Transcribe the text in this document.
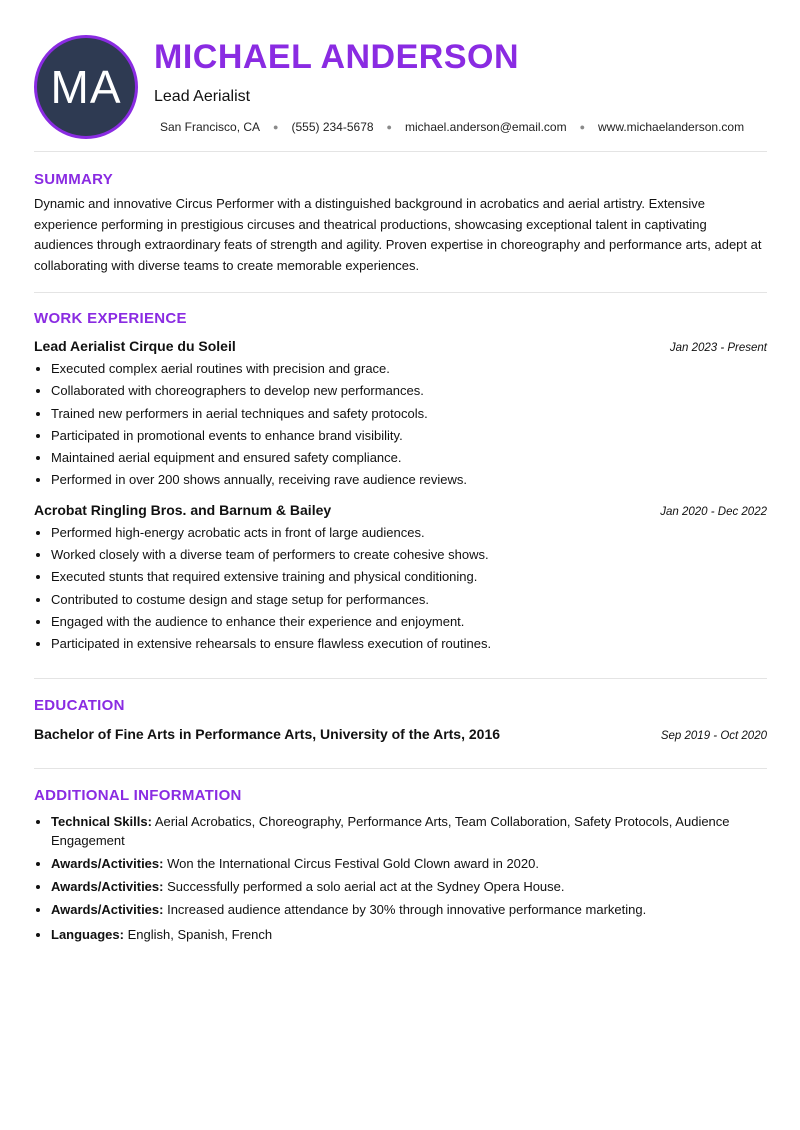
MA
MICHAEL ANDERSON
Lead Aerialist
San Francisco, CA ● (555) 234-5678 ● michael.anderson@email.com ● www.michaelanderson.com
SUMMARY

Dynamic and innovative Circus Performer with a distinguished background in acrobatics and aerial artistry. Extensive experience performing in prestigious circuses and theatrical productions, showcasing exceptional talent in captivating audiences through extraordinary feats of strength and agility. Proven expertise in choreography and performance arts, adept at collaborating with diverse teams to create memorable experiences.

WORK EXPERIENCE
Lead Aerialist Cirque du Soleil	Jan 2023 - Present
• Executed complex aerial routines with precision and grace.
• Collaborated with choreographers to develop new performances.
• Trained new performers in aerial techniques and safety protocols.
• Participated in promotional events to enhance brand visibility.
• Maintained aerial equipment and ensured safety compliance.
• Performed in over 200 shows annually, receiving rave audience reviews.
Acrobat Ringling Bros. and Barnum & Bailey	Jan 2020 - Dec 2022
• Performed high-energy acrobatic acts in front of large audiences.
• Worked closely with a diverse team of performers to create cohesive shows.
• Executed stunts that required extensive training and physical conditioning.
• Contributed to costume design and stage setup for performances.
• Engaged with the audience to enhance their experience and enjoyment.
• Participated in extensive rehearsals to ensure flawless execution of routines.
EDUCATION
Bachelor of Fine Arts in Performance Arts, University of the Arts, 2016	Sep 2019 - Oct 2020
ADDITIONAL INFORMATION
• Technical Skills: Aerial Acrobatics, Choreography, Performance Arts, Team Collaboration, Safety Protocols, Audience Engagement
• Awards/Activities: Won the International Circus Festival Gold Clown award in 2020.
• Awards/Activities: Successfully performed a solo aerial act at the Sydney Opera House.
• Awards/Activities: Increased audience attendance by 30% through innovative performance marketing.
• Languages: English, Spanish, French
